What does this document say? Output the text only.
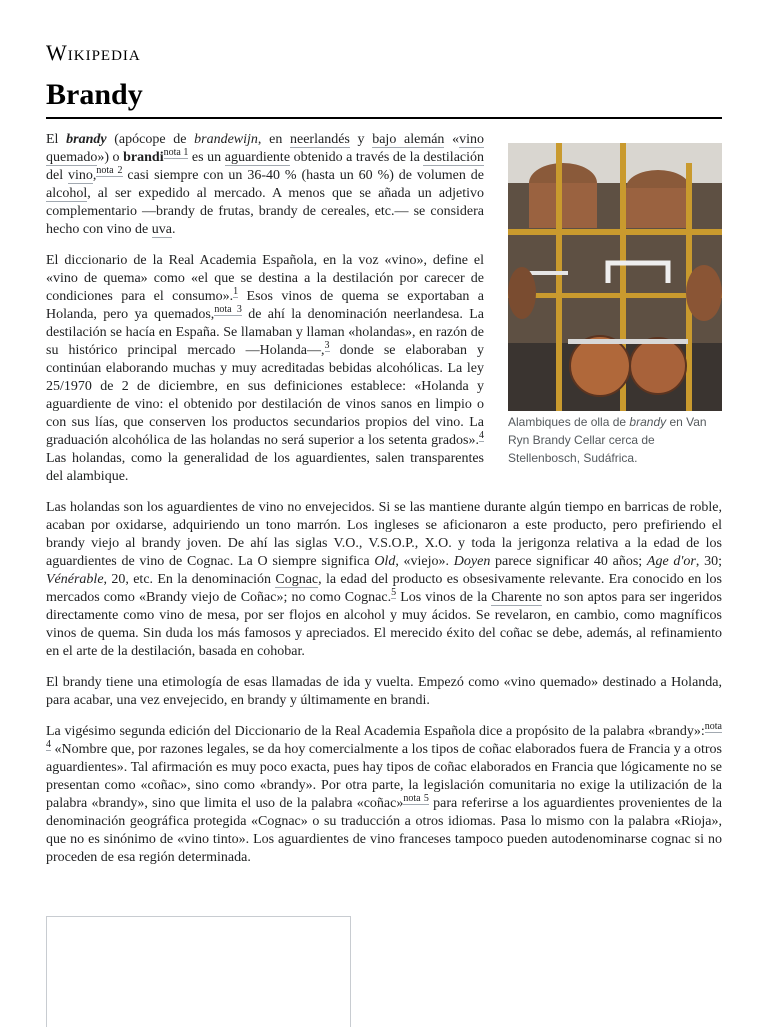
Wikipedia
Brandy
Alambiques de olla de brandy en Van Ryn Brandy Cellar cerca de Stellenbosch, Sudáfrica.

El brandy (apócope de brandewijn, en neerlandés y bajo alemán «vino quemado») o brandi$^{nota 1}$ es un aguardiente obtenido a través de la destilación del vino,$^{nota 2}$ casi siempre con un 36-40 % (hasta un 60 %) de volumen de alcohol, al ser expedido al mercado. A menos que se añada un adjetivo complementario —brandy de frutas, brandy de cereales, etc.— se considera hecho con vino de uva.

El diccionario de la Real Academia Española, en la voz «vino», define el «vino de quema» como «el que se destina a la destilación por carecer de condiciones para el consumo».$^1$ Esos vinos de quema se exportaban a Holanda, pero ya quemados,$^{nota 3}$ de ahí la denominación neerlandesa. La destilación se hacía en España. Se llamaban y llaman «holandas», en razón de su histórico principal mercado —Holanda—,$^3$ donde se elaboraban y continúan elaborando muchas y muy acreditadas bebidas alcohólicas. La ley 25/1970 de 2 de diciembre, en sus definiciones establece: «Holanda y aguardiente de vino: el obtenido por destilación de vinos sanos en limpio o con sus lías, que conserven los productos secundarios propios del vino. La graduación alcohólica de las holandas no será superior a los setenta grados».$^4$ Las holandas, como la generalidad de los aguardientes, salen transparentes del alambique.

Las holandas son los aguardientes de vino no envejecidos. Si se las mantiene durante algún tiempo en barricas de roble, acaban por oxidarse, adquiriendo un tono marrón. Los ingleses se aficionaron a este producto, pero prefiriendo el brandy viejo al brandy joven. De ahí las siglas V.O., V.S.O.P., X.O. y toda la jerigonza relativa a la edad de los aguardientes de vino de Cognac. La O siempre significa Old, «viejo». Doyen parece significar 40 años; Age d'or, 30; Vénérable, 20, etc. En la denominación Cognac, la edad del producto es obsesivamente relevante. Era conocido en los mercados como «Brandy viejo de Coñac»; no como Cognac.$^5$ Los vinos de la Charente no son aptos para ser ingeridos directamente como vino de mesa, por ser flojos en alcohol y muy ácidos. Se revelaron, en cambio, como magníficos vinos de quema. Sin duda los más famosos y apreciados. El merecido éxito del coñac se debe, además, al refinamiento en el arte de la destilación, basada en cohobar.

El brandy tiene una etimología de esas llamadas de ida y vuelta. Empezó como «vino quemado» destinado a Holanda, para acabar, una vez envejecido, en brandy y últimamente en brandi.

La vigésimo segunda edición del Diccionario de la Real Academia Española dice a propósito de la palabra «brandy»:$^{nota 4}$ «Nombre que, por razones legales, se da hoy comercialmente a los tipos de coñac elaborados fuera de Francia y a otros aguardientes». Tal afirmación es muy poco exacta, pues hay tipos de coñac elaborados en Francia que lógicamente no se presentan como «coñac», sino como «brandy». Por otra parte, la legislación comunitaria no exige la utilización de la palabra «brandy», sino que limita el uso de la palabra «coñac»$^{nota 5}$ para referirse a los aguardientes provenientes de la denominación geográfica protegida «Cognac» o su traducción a otros idiomas. Pasa lo mismo con la palabra «Rioja», que no es sinónimo de «vino tinto». Los aguardientes de vino franceses tampoco pueden autodenominarse cognac si no proceden de esa región determinada.
